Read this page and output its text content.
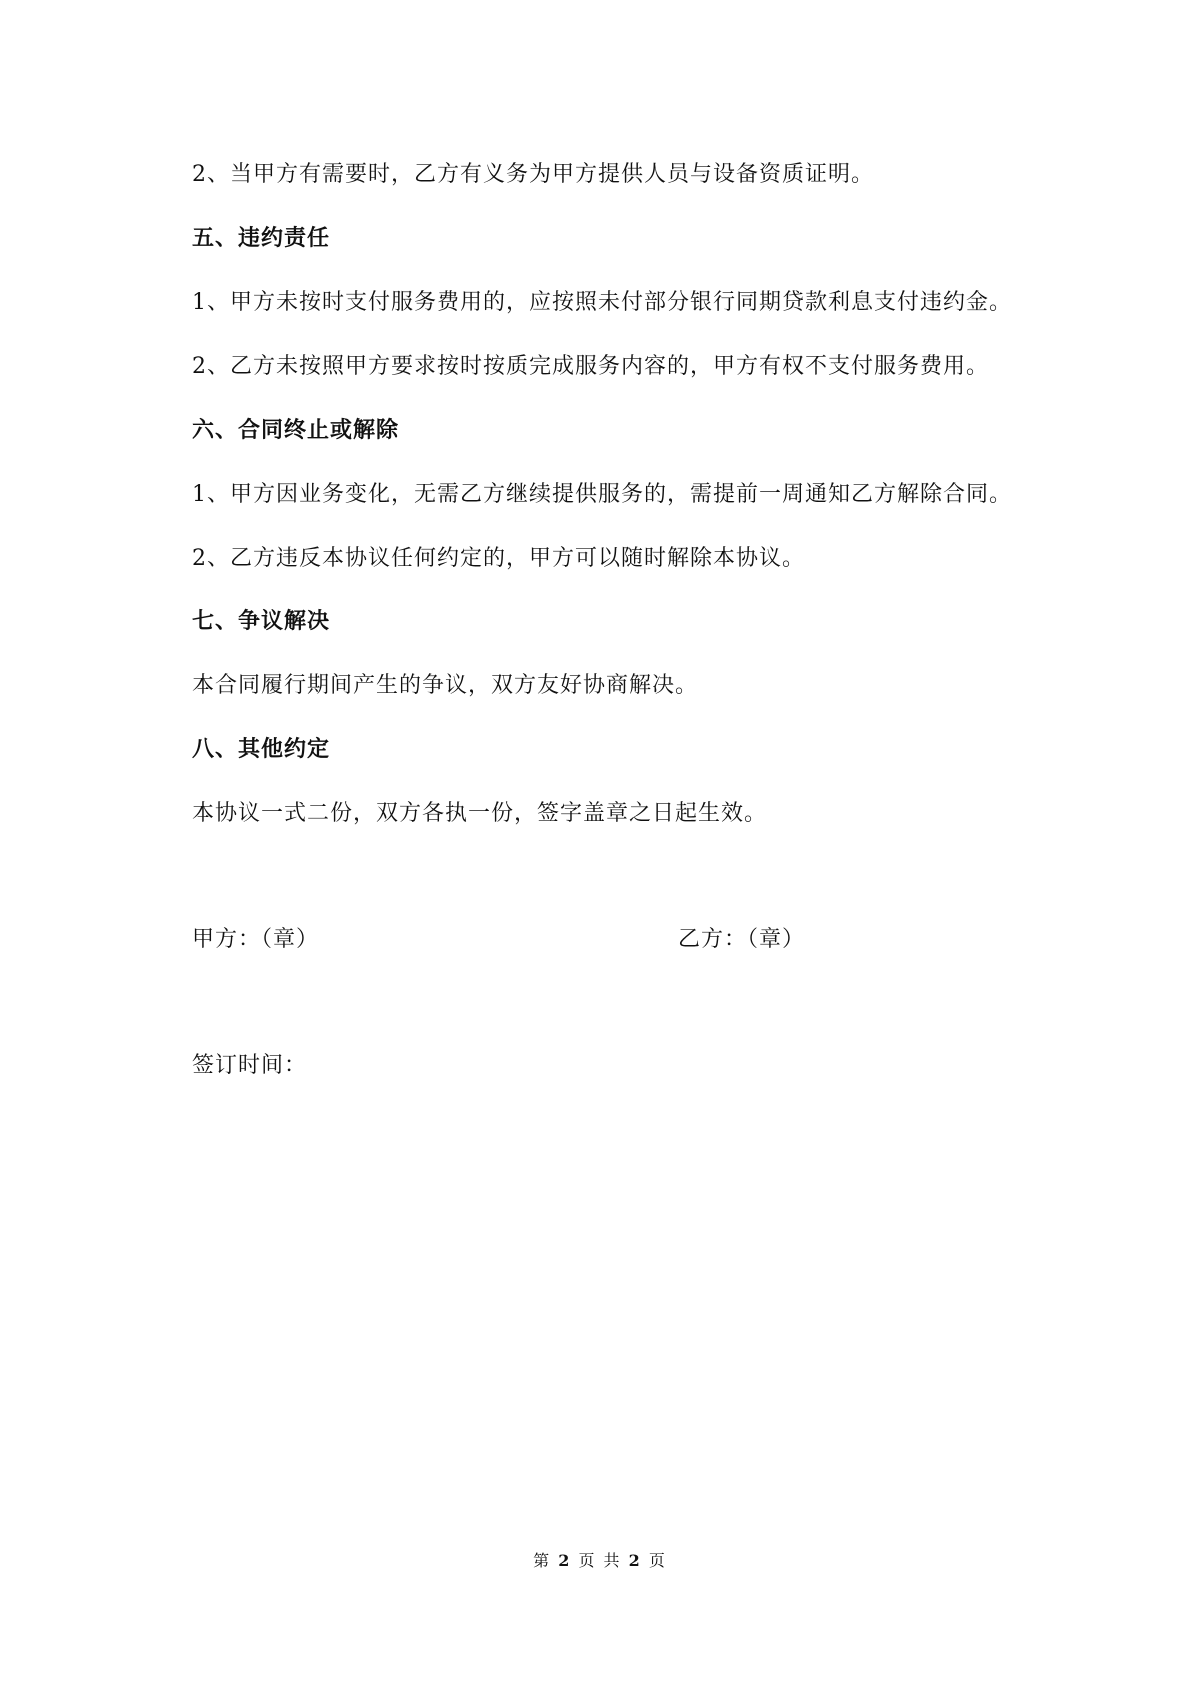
2、当甲方有需要时，乙方有义务为甲方提供人员与设备资质证明。
五、违约责任
1、甲方未按时支付服务费用的，应按照未付部分银行同期贷款利息支付违约金。
2、乙方未按照甲方要求按时按质完成服务内容的，甲方有权不支付服务费用。
六、合同终止或解除
1、甲方因业务变化，无需乙方继续提供服务的，需提前一周通知乙方解除合同。
2、乙方违反本协议任何约定的，甲方可以随时解除本协议。
七、争议解决
本合同履行期间产生的争议，双方友好协商解决。
八、其他约定
本协议一式二份，双方各执一份，签字盖章之日起生效。
甲方：（章）	乙方：（章）
签订时间：
第 2 页 共 2 页
